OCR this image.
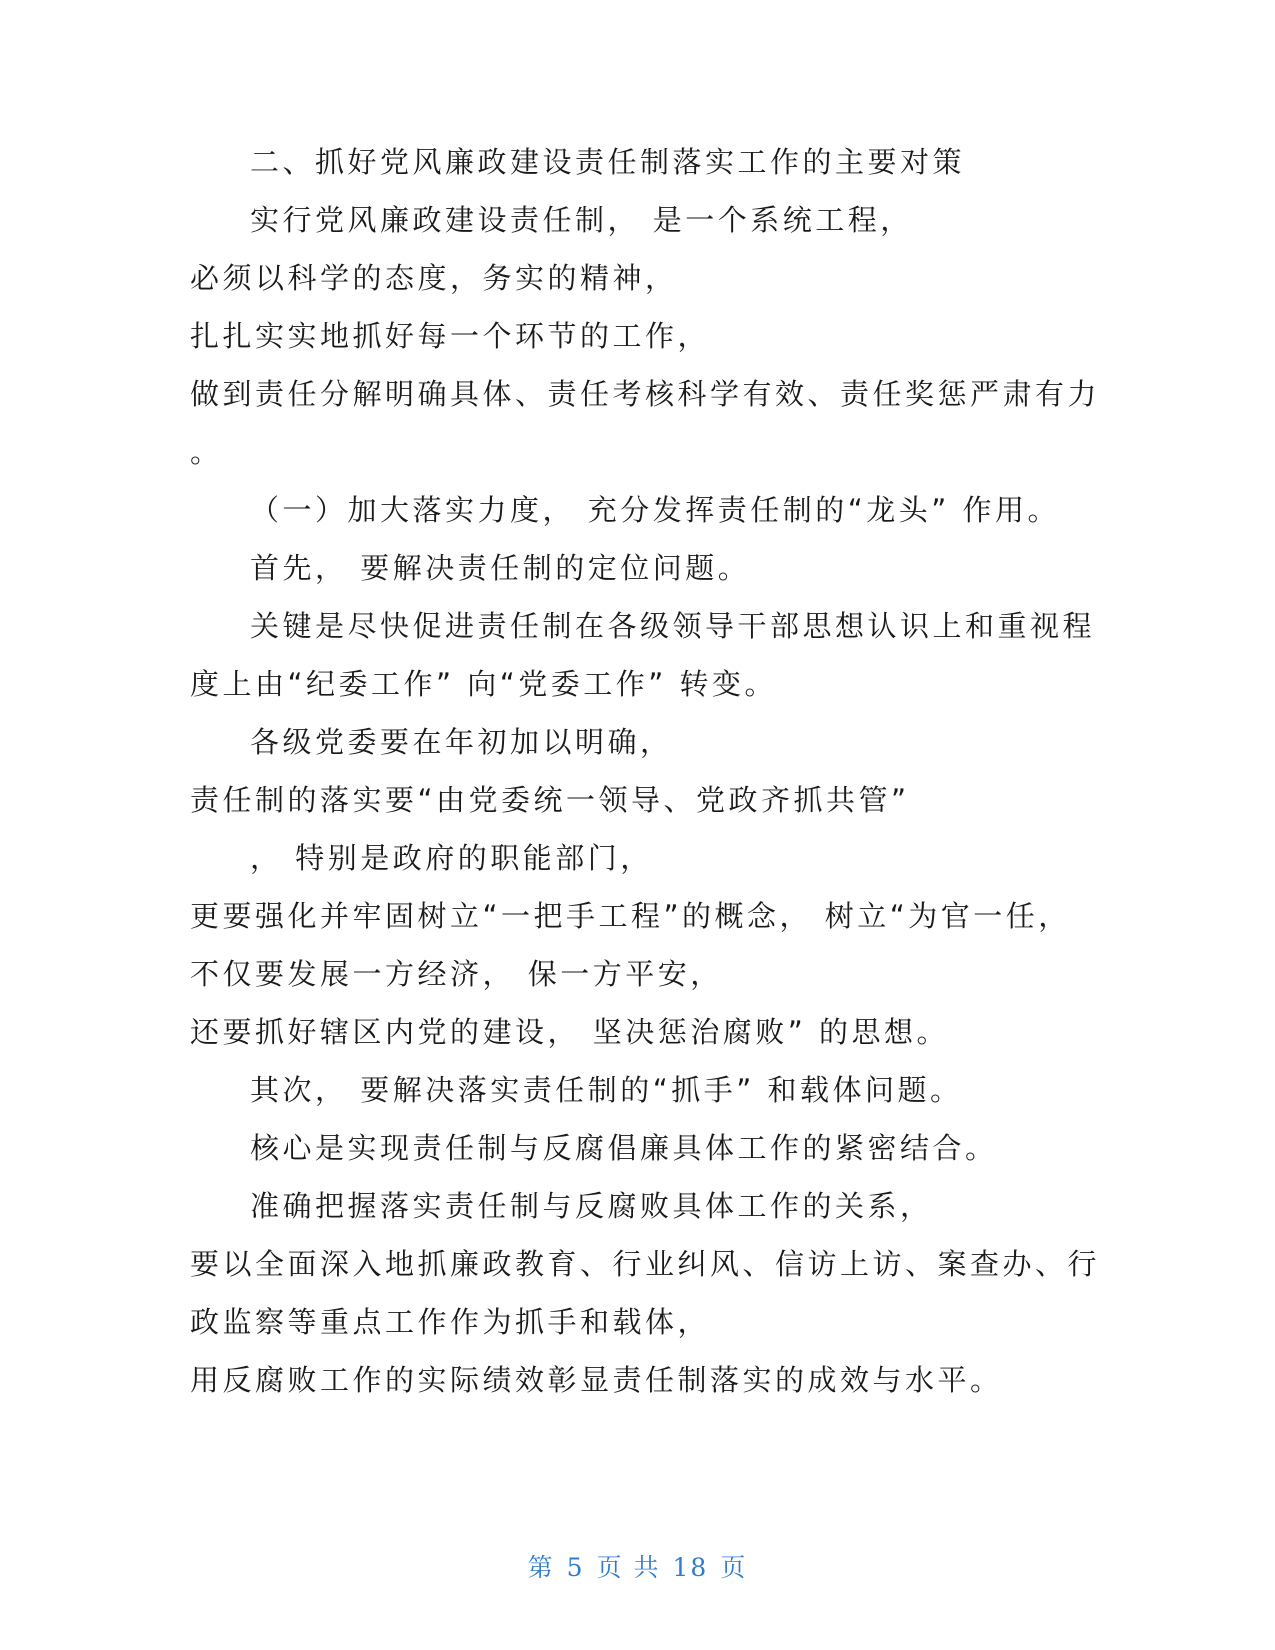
二、抓好党风廉政建设责任制落实工作的主要对策
实行党风廉政建设责任制， 是一个系统工程，
必须以科学的态度，务实的精神，
扎扎实实地抓好每一个环节的工作，
做到责任分解明确具体、责任考核科学有效、责任奖惩严肃有力
。
（一）加大落实力度， 充分发挥责任制的“龙头” 作用。
首先， 要解决责任制的定位问题。
关键是尽快促进责任制在各级领导干部思想认识上和重视程
度上由“纪委工作” 向“党委工作” 转变。
各级党委要在年初加以明确，
责任制的落实要“由党委统一领导、党政齐抓共管”
， 特别是政府的职能部门，
更要强化并牢固树立“一把手工程”的概念， 树立“为官一任，
不仅要发展一方经济， 保一方平安，
还要抓好辖区内党的建设， 坚决惩治腐败” 的思想。
其次， 要解决落实责任制的“抓手” 和载体问题。
核心是实现责任制与反腐倡廉具体工作的紧密结合。
准确把握落实责任制与反腐败具体工作的关系，
要以全面深入地抓廉政教育、行业纠风、信访上访、案查办、行
政监察等重点工作作为抓手和载体，
用反腐败工作的实际绩效彰显责任制落实的成效与水平。
第 5 页 共 18 页
